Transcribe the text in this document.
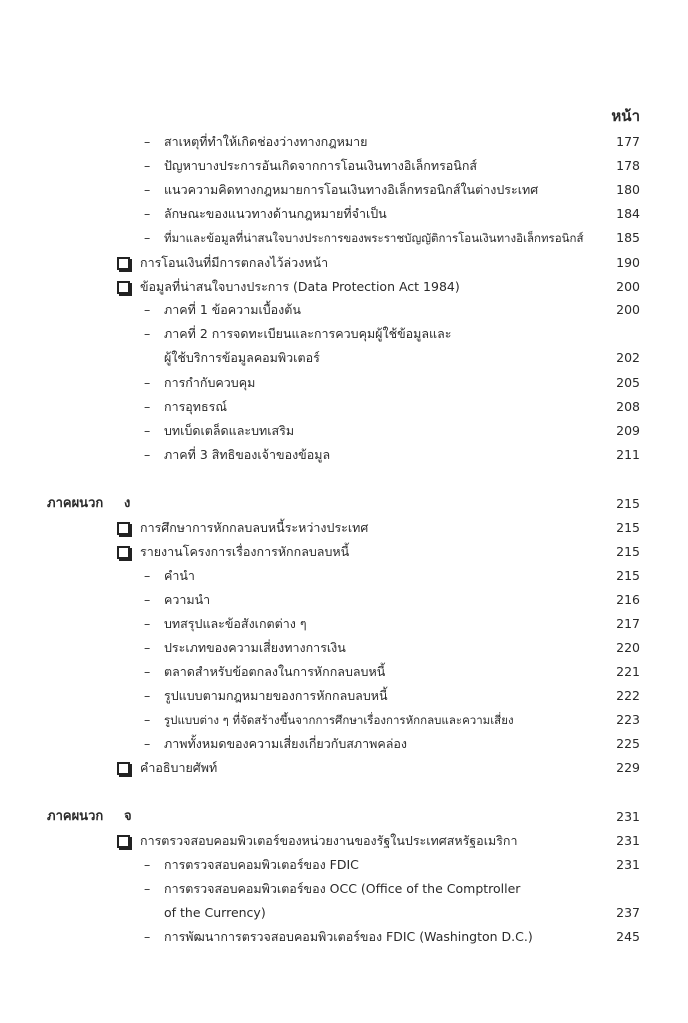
หน้า
– สาเหตุที่ทำให้เกิดช่องว่างทางกฎหมาย	177
– ปัญหาบางประการอันเกิดจากการโอนเงินทางอิเล็กทรอนิกส์	178
– แนวความคิดทางกฎหมายการโอนเงินทางอิเล็กทรอนิกส์ในต่างประเทศ	180
– ลักษณะของแนวทางด้านกฎหมายที่จำเป็น	184
– ที่มาและข้อมูลที่น่าสนใจบางประการของพระราชบัญญัติการโอนเงินทางอิเล็กทรอนิกส์	185
การโอนเงินที่มีการตกลงไว้ล่วงหน้า	190
ข้อมูลที่น่าสนใจบางประการ (Data Protection Act 1984)	200
– ภาคที่ 1 ข้อความเบื้องต้น	200
– ภาคที่ 2 การจดทะเบียนและการควบคุมผู้ใช้ข้อมูลและ
ผู้ใช้บริการข้อมูลคอมพิวเตอร์	202
– การกำกับควบคุม	205
– การอุทธรณ์	208
– บทเบ็ดเตล็ดและบทเสริม	209
– ภาคที่ 3 สิทธิของเจ้าของข้อมูล	211
ภาคผนวก ง	215
การศึกษาการหักกลบลบหนี้ระหว่างประเทศ	215
รายงานโครงการเรื่องการหักกลบลบหนี้	215
– คำนำ	215
– ความนำ	216
– บทสรุปและข้อสังเกตต่าง ๆ	217
– ประเภทของความเสี่ยงทางการเงิน	220
– ตลาดสำหรับข้อตกลงในการหักกลบลบหนี้	221
– รูปแบบตามกฎหมายของการหักกลบลบหนี้	222
– รูปแบบต่าง ๆ ที่จัดสร้างขึ้นจากการศึกษาเรื่องการหักกลบและความเสี่ยง	223
– ภาพทั้งหมดของความเสี่ยงเกี่ยวกับสภาพคล่อง	225
คำอธิบายศัพท์	229
ภาคผนวก จ	231
การตรวจสอบคอมพิวเตอร์ของหน่วยงานของรัฐในประเทศสหรัฐอเมริกา	231
– การตรวจสอบคอมพิวเตอร์ของ FDIC	231
– การตรวจสอบคอมพิวเตอร์ของ OCC (Office of the Comptroller
of the Currency)	237
– การพัฒนาการตรวจสอบคอมพิวเตอร์ของ FDIC (Washington D.C.)	245
